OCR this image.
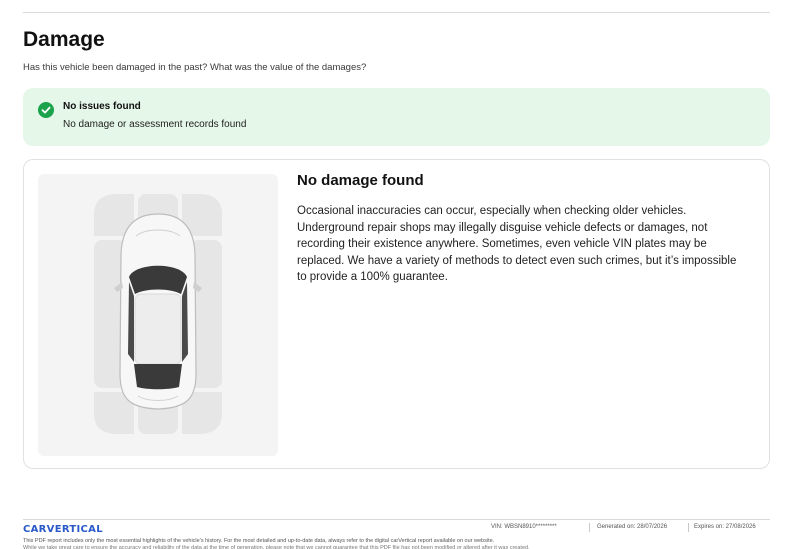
Damage

Has this vehicle been damaged in the past? What was the value of the damages?

No issues found
No damage or assessment records found
No damage found

Occasional inaccuracies can occur, especially when checking older vehicles. Underground repair shops may illegally disguise vehicle defects or damages, not recording their existence anywhere. Sometimes, even vehicle VIN plates may be replaced. We have a variety of methods to detect even such crimes, but it’s impossible to provide a 100% guarantee.

CARVERTICAL	VIN: WBSN8910*********	Generated on: 28/07/2026	Expires on: 27/08/2026
This PDF report includes only the most essential highlights of the vehicle’s history. For the most detailed and up-to-date data, always refer to the digital carVertical report available on our website.
While we take great care to ensure the accuracy and reliability of the data at the time of generation, please note that we cannot guarantee that this PDF file has not been modified or altered after it was created.
